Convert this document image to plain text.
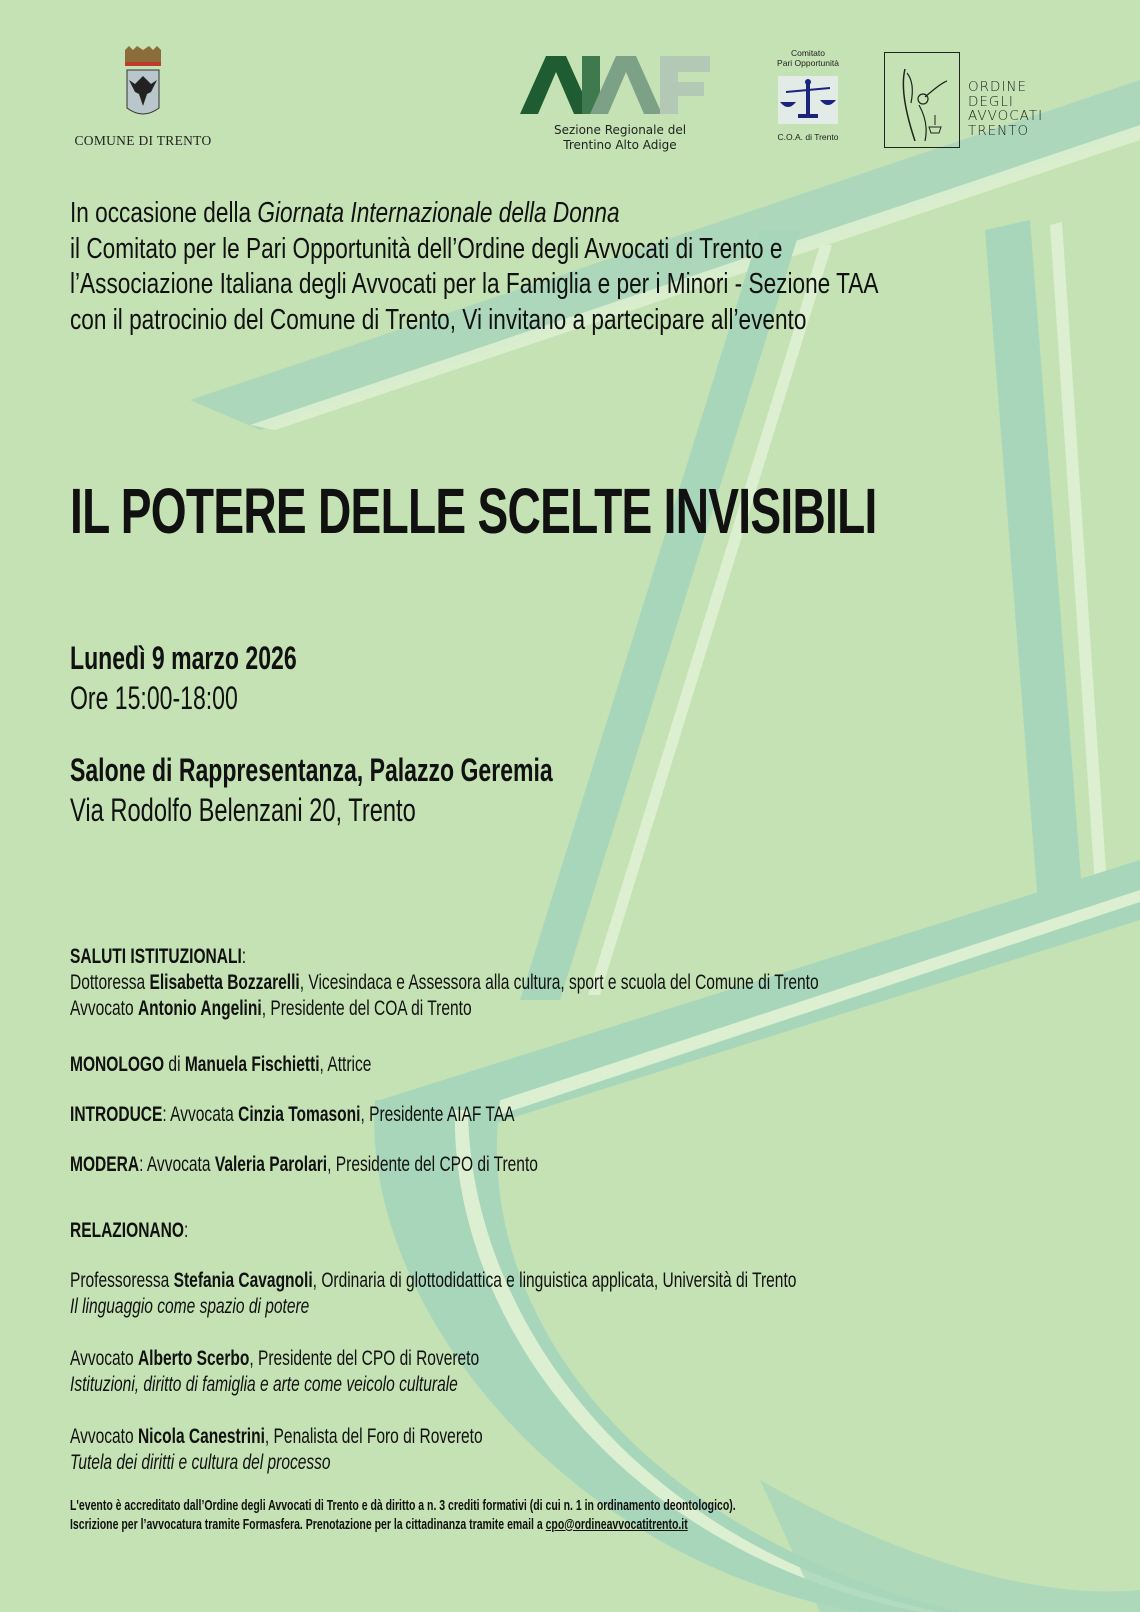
COMUNE DI TRENTO
Sezione Regionale del
Trentino Alto Adige
Comitato
Pari Opportunità
C.O.A. di Trento
ORDINE
DEGLI
AVVOCATI
TRENTO
In occasione della Giornata Internazionale della Donna
il Comitato per le Pari Opportunità dell’Ordine degli Avvocati di Trento e
l’Associazione Italiana degli Avvocati per la Famiglia e per i Minori - Sezione TAA
con il patrocinio del Comune di Trento, Vi invitano a partecipare all’evento
IL POTERE DELLE SCELTE INVISIBILI
Lunedì 9 marzo 2026
Ore 15:00-18:00
Salone di Rappresentanza, Palazzo Geremia
Via Rodolfo Belenzani 20, Trento
SALUTI ISTITUZIONALI:
Dottoressa Elisabetta Bozzarelli, Vicesindaca e Assessora alla cultura, sport e scuola del Comune di Trento
Avvocato Antonio Angelini, Presidente del COA di Trento
MONOLOGO di Manuela Fischietti, Attrice
INTRODUCE: Avvocata Cinzia Tomasoni, Presidente AIAF TAA
MODERA: Avvocata Valeria Parolari, Presidente del CPO di Trento
RELAZIONANO:
Professoressa Stefania Cavagnoli, Ordinaria di glottodidattica e linguistica applicata, Università di Trento
Il linguaggio come spazio di potere
Avvocato Alberto Scerbo, Presidente del CPO di Rovereto
Istituzioni, diritto di famiglia e arte come veicolo culturale
Avvocato Nicola Canestrini, Penalista del Foro di Rovereto
Tutela dei diritti e cultura del processo
L'evento è accreditato dall’Ordine degli Avvocati di Trento e dà diritto a n. 3 crediti formativi (di cui n. 1 in ordinamento deontologico).
Iscrizione per l’avvocatura tramite Formasfera. Prenotazione per la cittadinanza tramite email a cpo@ordineavvocatitrento.it
